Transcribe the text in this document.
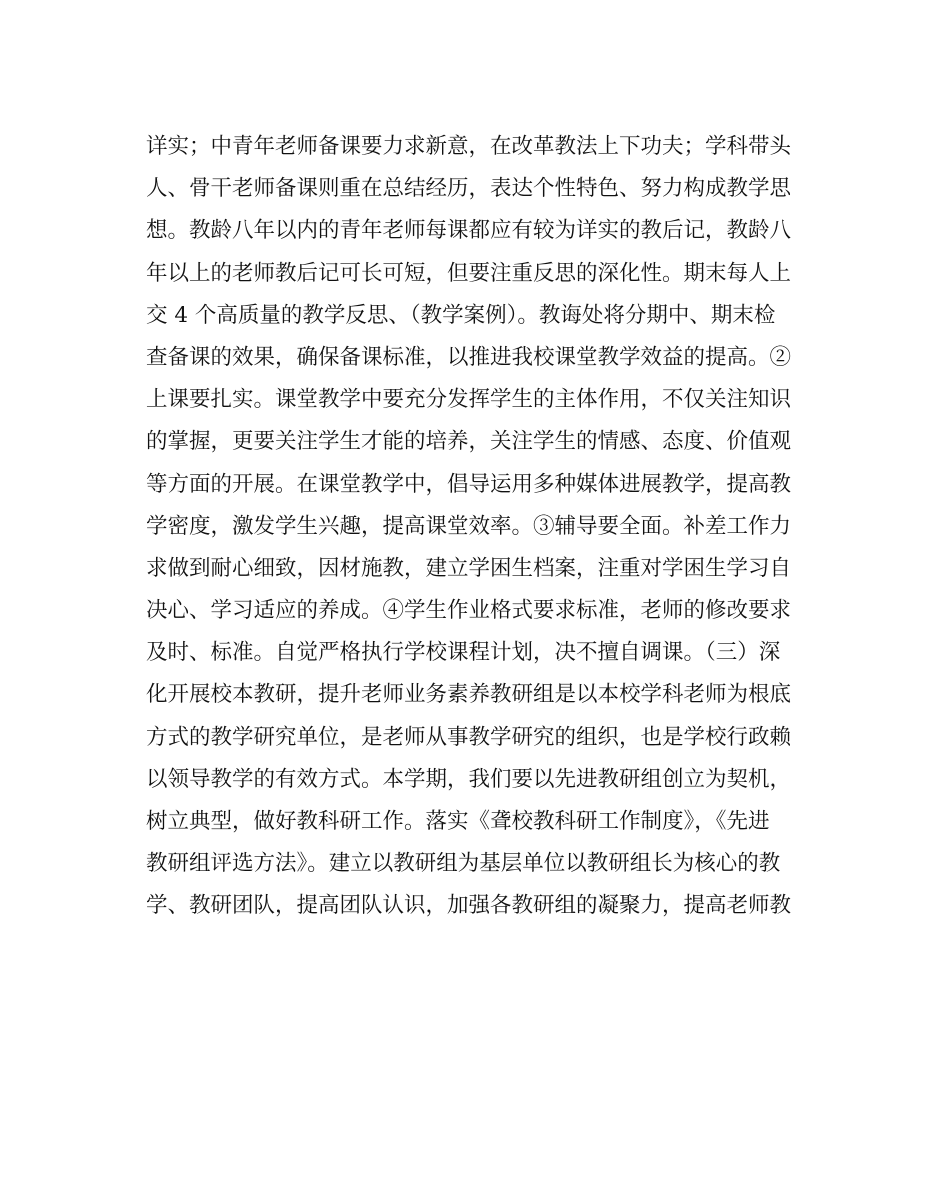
详实；中青年老师备课要力求新意，在改革教法上下功夫；学科带头
人、骨干老师备课则重在总结经历，表达个性特色、努力构成教学思
想。教龄八年以内的青年老师每课都应有较为详实的教后记，教龄八
年以上的老师教后记可长可短，但要注重反思的深化性。期末每人上
交 4 个高质量的教学反思、（教学案例）。教诲处将分期中、期末检
查备课的效果，确保备课标准，以推进我校课堂教学效益的提高。②
上课要扎实。课堂教学中要充分发挥学生的主体作用，不仅关注知识
的掌握，更要关注学生才能的培养，关注学生的情感、态度、价值观
等方面的开展。在课堂教学中，倡导运用多种媒体进展教学，提高教
学密度，激发学生兴趣，提高课堂效率。③辅导要全面。补差工作力
求做到耐心细致，因材施教，建立学困生档案，注重对学困生学习自
决心、学习适应的养成。④学生作业格式要求标准，老师的修改要求
及时、标准。自觉严格执行学校课程计划，决不擅自调课。（三）深
化开展校本教研，提升老师业务素养教研组是以本校学科老师为根底
方式的教学研究单位，是老师从事教学研究的组织，也是学校行政赖
以领导教学的有效方式。本学期，我们要以先进教研组创立为契机，
树立典型，做好教科研工作。落实《聋校教科研工作制度》，《先进
教研组评选方法》。建立以教研组为基层单位以教研组长为核心的教
学、教研团队，提高团队认识，加强各教研组的凝聚力，提高老师教
